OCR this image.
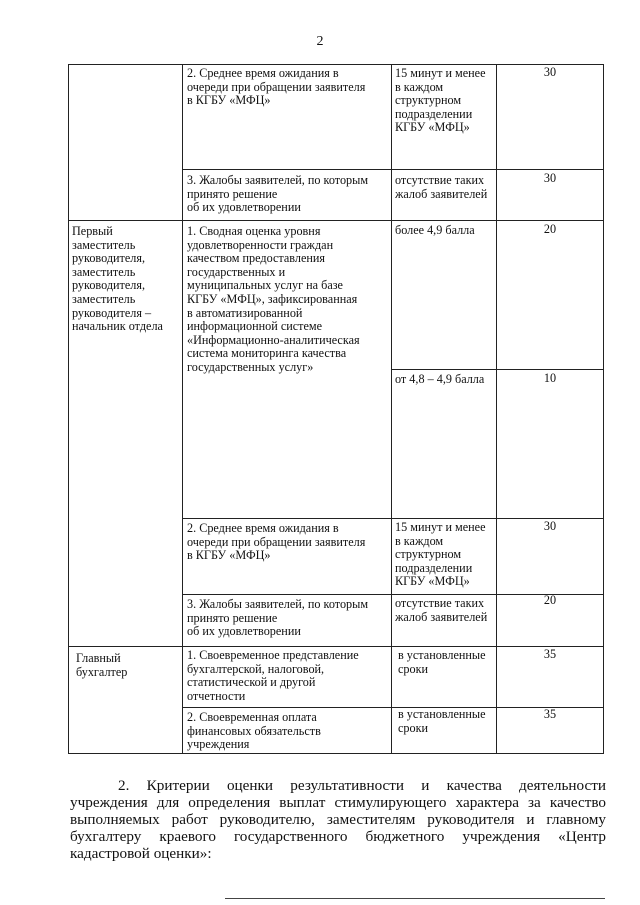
2
2. Среднее время ожидания в
очереди при обращении заявителя
в КГБУ «МФЦ»
15 минут и менее
в каждом
структурном
подразделении
КГБУ «МФЦ»
30
3. Жалобы заявителей, по которым
принято решение
об их удовлетворении
отсутствие таких
жалоб заявителей
30
Первый
заместитель
руководителя,
заместитель
руководителя,
заместитель
руководителя –
начальник отдела
1. Сводная оценка уровня
удовлетворенности граждан
качеством предоставления
государственных и
муниципальных услуг на базе
КГБУ «МФЦ», зафиксированная
в автоматизированной
информационной системе
«Информационно-аналитическая
система мониторинга качества
государственных услуг»
более 4,9 балла	20
от 4,8 – 4,9 балла	10
2. Среднее время ожидания в
очереди при обращении заявителя
в КГБУ «МФЦ»
15 минут и менее
в каждом
структурном
подразделении
КГБУ «МФЦ»
30
3. Жалобы заявителей, по которым
принято решение
об их удовлетворении
отсутствие таких
жалоб заявителей
20
Главный
бухгалтер
1. Своевременное представление
бухгалтерской, налоговой,
статистической и другой
отчетности
в установленные
сроки
35
2. Своевременная оплата
финансовых обязательств
учреждения
в установленные
сроки
35
2. Критерии оценки результативности и качества деятельности
учреждения для определения выплат стимулирующего характера за качество
выполняемых работ руководителю, заместителям руководителя и главному
бухгалтеру краевого государственного бюджетного учреждения «Центр
кадастровой оценки»:
